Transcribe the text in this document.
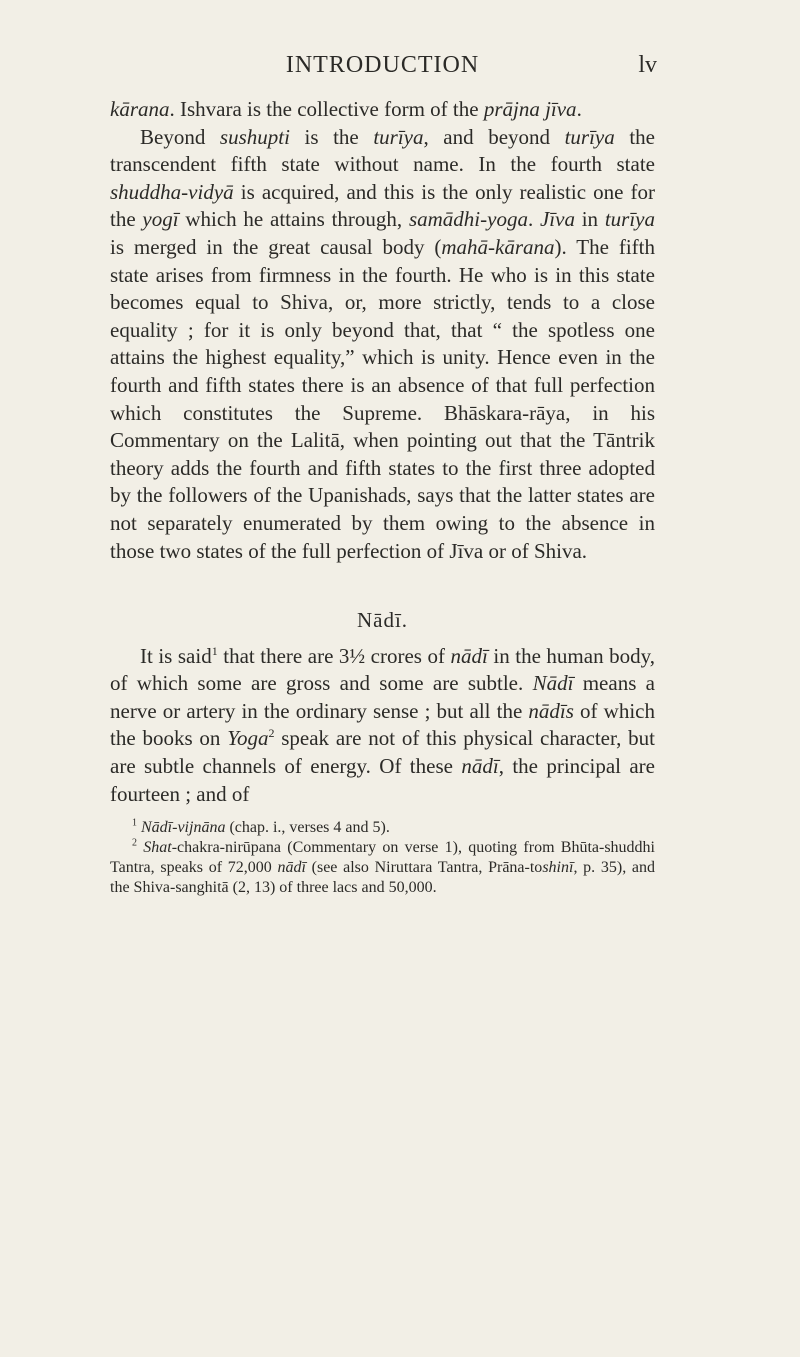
INTRODUCTION	lv

kārana. Ishvara is the collective form of the prājna jīva.

Beyond sushupti is the turīya, and beyond turīya the transcendent fifth state without name. In the fourth state shuddha-vidyā is acquired, and this is the only realistic one for the yogī which he attains through, samādhi-yoga. Jīva in turīya is merged in the great causal body (mahā-kārana). The fifth state arises from firmness in the fourth. He who is in this state becomes equal to Shiva, or, more strictly, tends to a close equality ; for it is only beyond that, that “ the spotless one attains the highest equality,” which is unity. Hence even in the fourth and fifth states there is an absence of that full perfection which constitutes the Supreme. Bhāskara-rāya, in his Commentary on the Lalitā, when pointing out that the Tāntrik theory adds the fourth and fifth states to the first three adopted by the followers of the Upanishads, says that the latter states are not separately enumerated by them owing to the absence in those two states of the full perfection of Jīva or of Shiva.

Nādī.

It is said$^1$ that there are 3½ crores of nādī in the human body, of which some are gross and some are subtle. Nādī means a nerve or artery in the ordinary sense ; but all the nādīs of which the books on Yoga$^2$ speak are not of this physical character, but are subtle channels of energy. Of these nādī, the principal are fourteen ; and of

$^1$ Nādī-vijnāna (chap. i., verses 4 and 5).

$^2$ Shat-chakra-nirūpana (Commentary on verse 1), quoting from Bhūta-shuddhi Tantra, speaks of 72,000 nādī (see also Niruttara Tantra, Prāna-toshinī, p. 35), and the Shiva-sanghitā (2, 13) of three lacs and 50,000.
